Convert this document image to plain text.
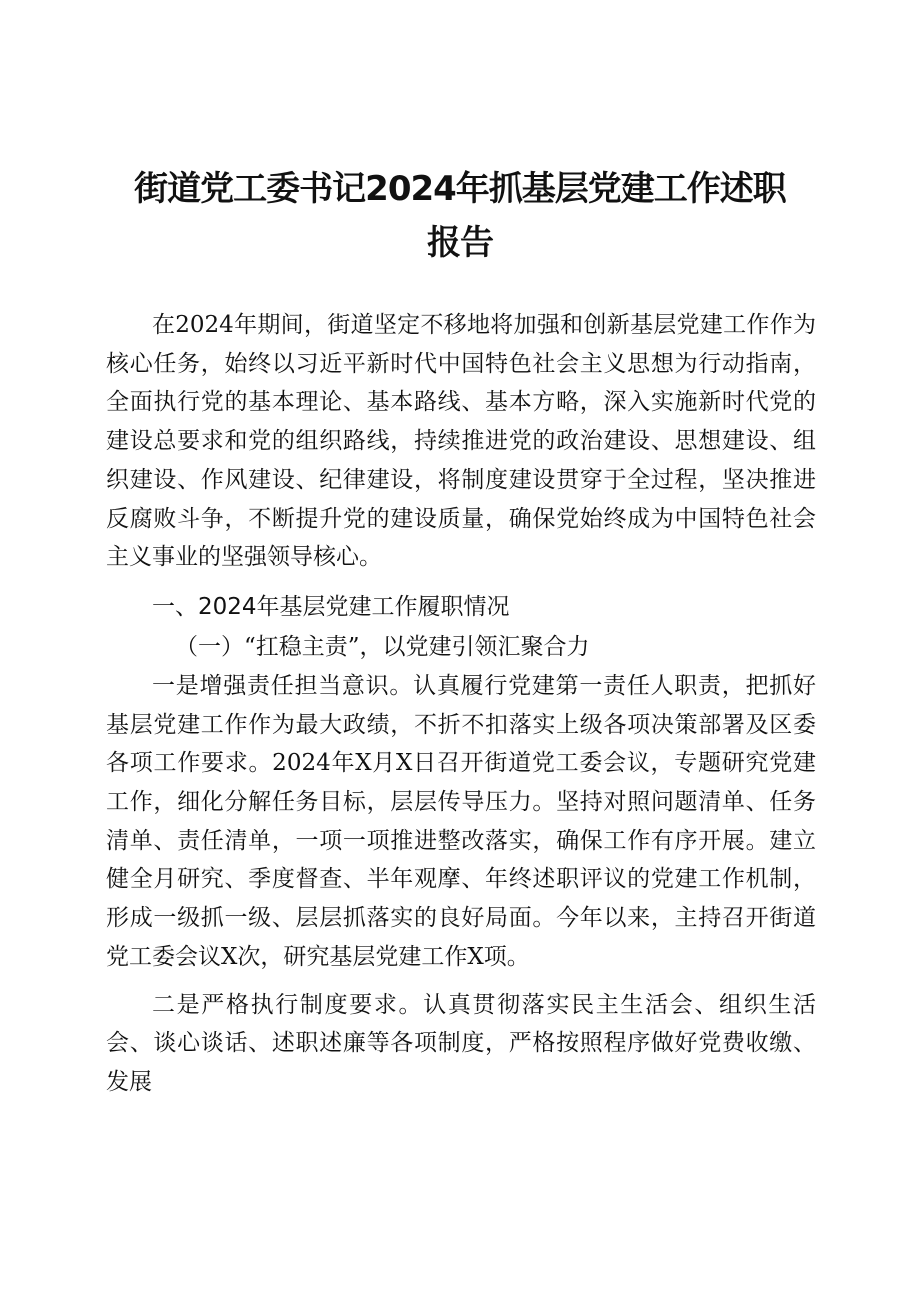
街道党工委书记2024年抓基层党建工作述职
报告

在2024年期间，街道坚定不移地将加强和创新基层党建工作作为核心任务，始终以习近平新时代中国特色社会主义思想为行动指南，全面执行党的基本理论、基本路线、基本方略，深入实施新时代党的建设总要求和党的组织路线，持续推进党的政治建设、思想建设、组织建设、作风建设、纪律建设，将制度建设贯穿于全过程，坚决推进反腐败斗争，不断提升党的建设质量，确保党始终成为中国特色社会主义事业的坚强领导核心。

一、2024年基层党建工作履职情况

（一）“扛稳主责”，以党建引领汇聚合力

一是增强责任担当意识。认真履行党建第一责任人职责，把抓好基层党建工作作为最大政绩，不折不扣落实上级各项决策部署及区委各项工作要求。2024年X月X日召开街道党工委会议，专题研究党建工作，细化分解任务目标，层层传导压力。坚持对照问题清单、任务清单、责任清单，一项一项推进整改落实，确保工作有序开展。建立健全月研究、季度督查、半年观摩、年终述职评议的党建工作机制，形成一级抓一级、层层抓落实的良好局面。今年以来，主持召开街道党工委会议X次，研究基层党建工作X项。

二是严格执行制度要求。认真贯彻落实民主生活会、组织生活会、谈心谈话、述职述廉等各项制度，严格按照程序做好党费收缴、发展
